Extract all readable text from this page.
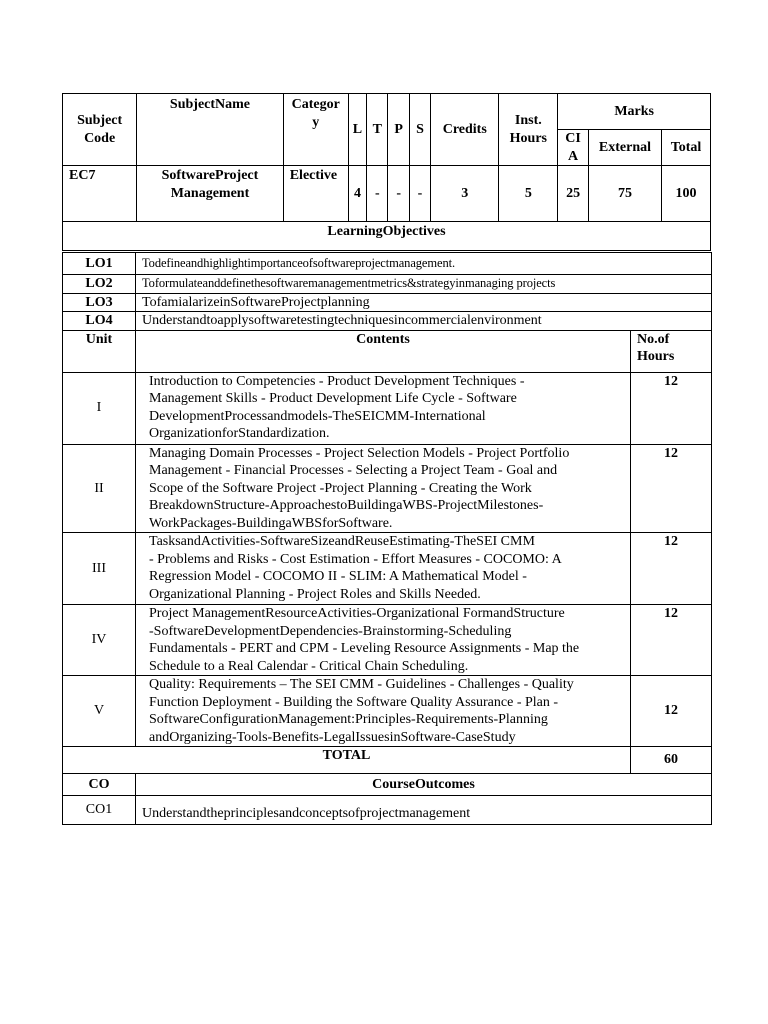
Subject Code	SubjectName	Categor y	L	T	P	S	Credits	Inst. Hours	Marks		
									CI A	External	Total
EC7	SoftwareProject Management	Elective	4	-	-	-	3	5	25	75	100
LearningObjectives											
LO1	Todefineandhighlightimportanceofsoftwareprojectmanagement.	
LO2	Toformulateanddefinethesoftwaremanagementmetrics&strategyinmanaging projects	
LO3	TofamialarizeinSoftwareProjectplanning	
LO4	Understandtoapplysoftwaretestingtechniquesincommercialenvironment	
Unit	Contents	No.of Hours
I	Introduction to Competencies - Product Development Techniques -
Management Skills - Product Development Life Cycle - Software
DevelopmentProcessandmodels-TheSEICMM-International
OrganizationforStandardization.	12
II	Managing Domain Processes - Project Selection Models - Project Portfolio
Management - Financial Processes - Selecting a Project Team - Goal and
Scope of the Software Project -Project Planning - Creating the Work
BreakdownStructure-ApproachestoBuildingaWBS-ProjectMilestones-
WorkPackages-BuildingaWBSforSoftware.	12
III	TasksandActivities-SoftwareSizeandReuseEstimating-TheSEI CMM
- Problems and Risks - Cost Estimation - Effort Measures - COCOMO: A
Regression Model - COCOMO II - SLIM: A Mathematical Model -
Organizational Planning - Project Roles and Skills Needed.	12
IV	Project ManagementResourceActivities-Organizational FormandStructure
-SoftwareDevelopmentDependencies-Brainstorming-Scheduling
Fundamentals - PERT and CPM - Leveling Resource Assignments - Map the
Schedule to a Real Calendar - Critical Chain Scheduling.	12
V	Quality: Requirements – The SEI CMM - Guidelines - Challenges - Quality
Function Deployment - Building the Software Quality Assurance - Plan -
SoftwareConfigurationManagement:Principles-Requirements-Planning
andOrganizing-Tools-Benefits-LegalIssuesinSoftware-CaseStudy	12
TOTAL		60
CO	CourseOutcomes	
CO1	Understandtheprinciplesandconceptsofprojectmanagement	
